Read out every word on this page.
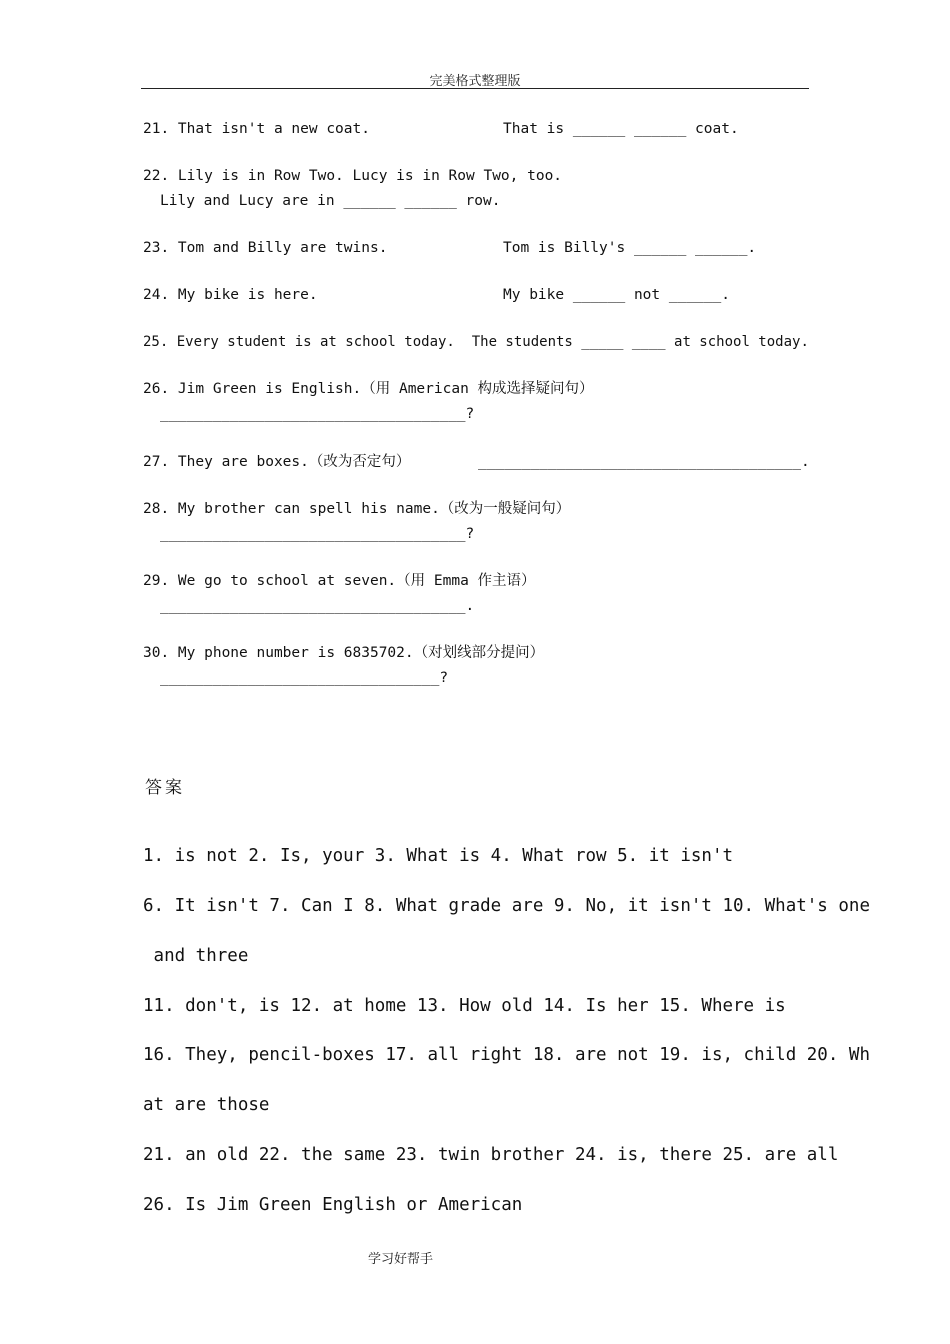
完美格式整理版
21. That isn't a new coat.	That is ______ ______ coat.
22. Lily is in Row Two. Lucy is in Row Two, too.
Lily and Lucy are in ______ ______ row.
23. Tom and Billy are twins.	Tom is Billy's ______ ______.
24. My bike is here.	My bike ______ not ______.
25. Every student is at school today.  The students _____ ____ at school today.
26. Jim Green is English.（用 American 构成选择疑问句）
___________________________________?
27. They are boxes.（改为否定句）	_____________________________________.
28. My brother can spell his name.（改为一般疑问句）
___________________________________?
29. We go to school at seven.（用 Emma 作主语）
___________________________________.
30. My phone number is 6835702.（对划线部分提问）
________________________________?
答案
1. is not 2. Is, your 3. What is 4. What row 5. it isn't
6. It isn't 7. Can I 8. What grade are 9. No, it isn't 10. What's one
and three
11. don't, is 12. at home 13. How old 14. Is her 15. Where is
16. They, pencil-boxes 17. all right 18. are not 19. is, child 20. Wh
at are those
21. an old 22. the same 23. twin brother 24. is, there 25. are all
26. Is Jim Green English or American
学习好帮手
